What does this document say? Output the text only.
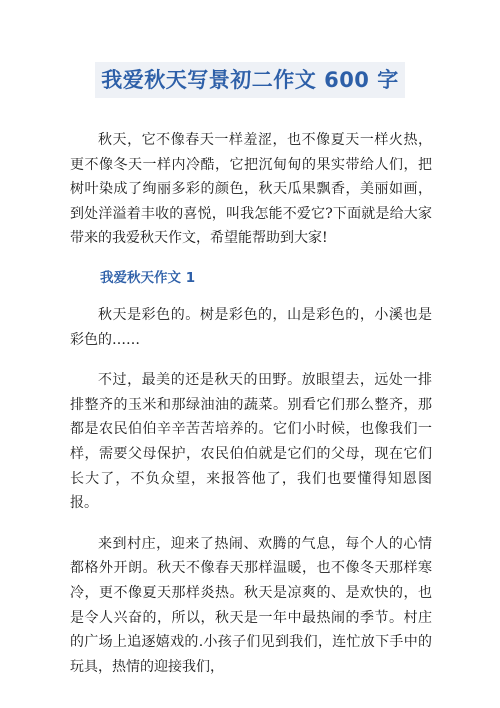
我爱秋天写景初二作文 600 字

秋天，它不像春天一样羞涩，也不像夏天一样火热，更不像冬天一样内冷酷，它把沉甸甸的果实带给人们，把树叶染成了绚丽多彩的颜色，秋天瓜果飘香，美丽如画，到处洋溢着丰收的喜悦，叫我怎能不爱它?下面就是给大家带来的我爱秋天作文，希望能帮助到大家!

我爱秋天作文 1

秋天是彩色的。树是彩色的，山是彩色的，小溪也是彩色的……

不过，最美的还是秋天的田野。放眼望去，远处一排排整齐的玉米和那绿油油的蔬菜。别看它们那么整齐，那都是农民伯伯辛辛苦苦培养的。它们小时候，也像我们一样，需要父母保护，农民伯伯就是它们的父母，现在它们长大了，不负众望，来报答他了，我们也要懂得知恩图报。

来到村庄，迎来了热闹、欢腾的气息，每个人的心情都格外开朗。秋天不像春天那样温暖，也不像冬天那样寒冷，更不像夏天那样炎热。秋天是凉爽的、是欢快的，也是令人兴奋的，所以，秋天是一年中最热闹的季节。村庄的广场上追逐嬉戏的.小孩子们见到我们，连忙放下手中的玩具，热情的迎接我们，
